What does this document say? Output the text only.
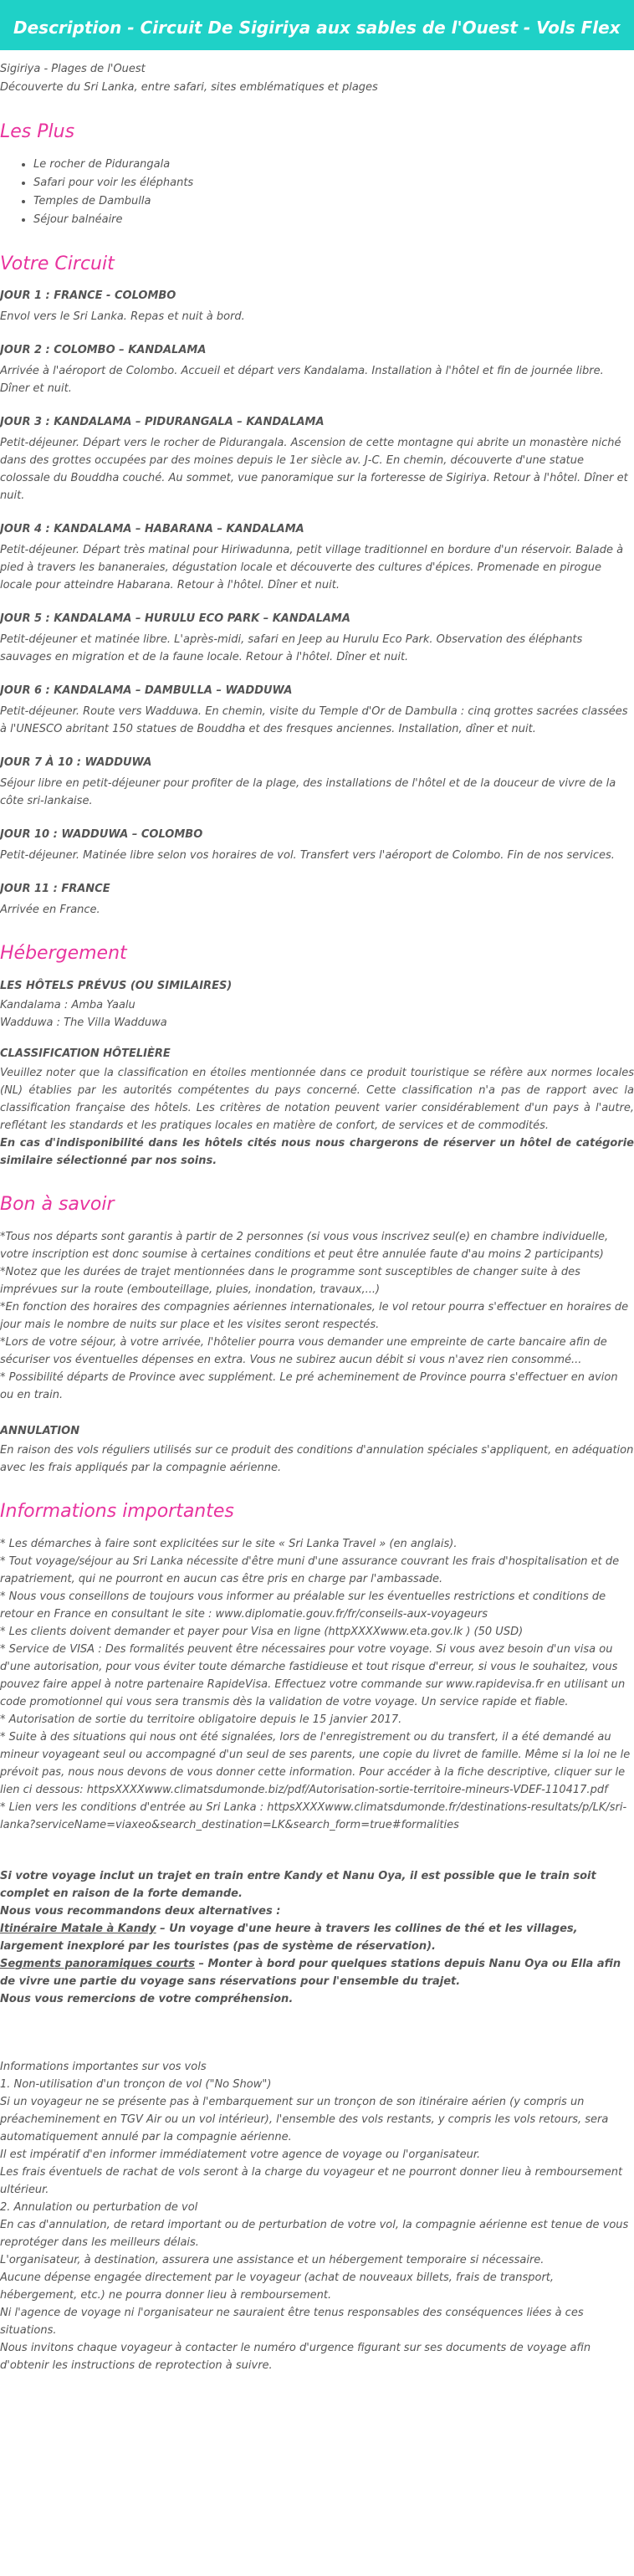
Description - Circuit De Sigiriya aux sables de l'Ouest - Vols Flex

Sigiriya - Plages de l'Ouest
Découverte du Sri Lanka, entre safari, sites emblématiques et plages

Les Plus
• Le rocher de Pidurangala
• Safari pour voir les éléphants
• Temples de Dambulla
• Séjour balnéaire
Votre Circuit
JOUR 1 : FRANCE - COLOMBO

Envol vers le Sri Lanka. Repas et nuit à bord.

JOUR 2 : COLOMBO – KANDALAMA

Arrivée à l'aéroport de Colombo. Accueil et départ vers Kandalama. Installation à l'hôtel et fin de journée libre. Dîner et nuit.

JOUR 3 : KANDALAMA – PIDURANGALA – KANDALAMA

Petit-déjeuner. Départ vers le rocher de Pidurangala. Ascension de cette montagne qui abrite un monastère niché dans des grottes occupées par des moines depuis le 1er siècle av. J-C. En chemin, découverte d'une statue colossale du Bouddha couché. Au sommet, vue panoramique sur la forteresse de Sigiriya. Retour à l'hôtel. Dîner et nuit.

JOUR 4 : KANDALAMA – HABARANA – KANDALAMA

Petit-déjeuner. Départ très matinal pour Hiriwadunna, petit village traditionnel en bordure d'un réservoir. Balade à pied à travers les bananeraies, dégustation locale et découverte des cultures d'épices. Promenade en pirogue locale pour atteindre Habarana. Retour à l'hôtel. Dîner et nuit.

JOUR 5 : KANDALAMA – HURULU ECO PARK – KANDALAMA

Petit-déjeuner et matinée libre. L'après-midi, safari en Jeep au Hurulu Eco Park. Observation des éléphants sauvages en migration et de la faune locale. Retour à l'hôtel. Dîner et nuit.

JOUR 6 : KANDALAMA – DAMBULLA – WADDUWA

Petit-déjeuner. Route vers Wadduwa. En chemin, visite du Temple d'Or de Dambulla : cinq grottes sacrées classées à l'UNESCO abritant 150 statues de Bouddha et des fresques anciennes. Installation, dîner et nuit.

JOUR 7 À 10 : WADDUWA

Séjour libre en petit-déjeuner pour profiter de la plage, des installations de l'hôtel et de la douceur de vivre de la côte sri-lankaise.

JOUR 10 : WADDUWA – COLOMBO

Petit-déjeuner. Matinée libre selon vos horaires de vol. Transfert vers l'aéroport de Colombo. Fin de nos services.

JOUR 11 : FRANCE

Arrivée en France.

Hébergement
LES HÔTELS PRÉVUS (OU SIMILAIRES)

Kandalama : Amba Yaalu

Wadduwa : The Villa Wadduwa

CLASSIFICATION HÔTELIÈRE

Veuillez noter que la classification en étoiles mentionnée dans ce produit touristique se réfère aux normes locales (NL) établies par les autorités compétentes du pays concerné. Cette classification n'a pas de rapport avec la classification française des hôtels. Les critères de notation peuvent varier considérablement d'un pays à l'autre, reflétant les standards et les pratiques locales en matière de confort, de services et de commodités.

En cas d'indisponibilité dans les hôtels cités nous nous chargerons de réserver un hôtel de catégorie similaire sélectionné par nos soins.

Bon à savoir

*Tous nos départs sont garantis à partir de 2 personnes (si vous vous inscrivez seul(e) en chambre individuelle, votre inscription est donc soumise à certaines conditions et peut être annulée faute d'au moins 2 participants)

*Notez que les durées de trajet mentionnées dans le programme sont susceptibles de changer suite à des imprévues sur la route (embouteillage, pluies, inondation, travaux,...)

*En fonction des horaires des compagnies aériennes internationales, le vol retour pourra s'effectuer en horaires de jour mais le nombre de nuits sur place et les visites seront respectés.

*Lors de votre séjour, à votre arrivée, l'hôtelier pourra vous demander une empreinte de carte bancaire afin de sécuriser vos éventuelles dépenses en extra. Vous ne subirez aucun débit si vous n'avez rien consommé...

* Possibilité départs de Province avec supplément. Le pré acheminement de Province pourra s'effectuer en avion ou en train.

ANNULATION

En raison des vols réguliers utilisés sur ce produit des conditions d'annulation spéciales s'appliquent, en adéquation avec les frais appliqués par la compagnie aérienne.

Informations importantes

* Les démarches à faire sont explicitées sur le site « Sri Lanka Travel » (en anglais).

* Tout voyage/séjour au Sri Lanka nécessite d'être muni d'une assurance couvrant les frais d'hospitalisation et de rapatriement, qui ne pourront en aucun cas être pris en charge par l'ambassade.

* Nous vous conseillons de toujours vous informer au préalable sur les éventuelles restrictions et conditions de retour en France en consultant le site : www.diplomatie.gouv.fr/fr/conseils-aux-voyageurs

* Les clients doivent demander et payer pour Visa en ligne (httpXXXXwww.eta.gov.lk ) (50 USD)

* Service de VISA : Des formalités peuvent être nécessaires pour votre voyage. Si vous avez besoin d'un visa ou d'une autorisation, pour vous éviter toute démarche fastidieuse et tout risque d'erreur, si vous le souhaitez, vous pouvez faire appel à notre partenaire RapideVisa. Effectuez votre commande sur www.rapidevisa.fr en utilisant un code promotionnel qui vous sera transmis dès la validation de votre voyage. Un service rapide et fiable.

* Autorisation de sortie du territoire obligatoire depuis le 15 janvier 2017.

* Suite à des situations qui nous ont été signalées, lors de l'enregistrement ou du transfert, il a été demandé au mineur voyageant seul ou accompagné d'un seul de ses parents, une copie du livret de famille. Même si la loi ne le prévoit pas, nous nous devons de vous donner cette information. Pour accéder à la fiche descriptive, cliquer sur le lien ci dessous: httpsXXXXwww.climatsdumonde.biz/pdf/Autorisation-sortie-territoire-mineurs-VDEF-110417.pdf

* Lien vers les conditions d'entrée au Sri Lanka : httpsXXXXwww.climatsdumonde.fr/destinations-resultats/p/LK/sri-lanka?serviceName=viaxeo&search_destination=LK&search_form=true#formalities

Si votre voyage inclut un trajet en train entre Kandy et Nanu Oya, il est possible que le train soit complet en raison de la forte demande.

Nous vous recommandons deux alternatives :

Itinéraire Matale à Kandy – Un voyage d'une heure à travers les collines de thé et les villages, largement inexploré par les touristes (pas de système de réservation).

Segments panoramiques courts – Monter à bord pour quelques stations depuis Nanu Oya ou Ella afin de vivre une partie du voyage sans réservations pour l'ensemble du trajet.

Nous vous remercions de votre compréhension.

Informations importantes sur vos vols

1. Non-utilisation d'un tronçon de vol ("No Show")

Si un voyageur ne se présente pas à l'embarquement sur un tronçon de son itinéraire aérien (y compris un préacheminement en TGV Air ou un vol intérieur), l'ensemble des vols restants, y compris les vols retours, sera automatiquement annulé par la compagnie aérienne.

Il est impératif d'en informer immédiatement votre agence de voyage ou l'organisateur.

Les frais éventuels de rachat de vols seront à la charge du voyageur et ne pourront donner lieu à remboursement ultérieur.

2. Annulation ou perturbation de vol

En cas d'annulation, de retard important ou de perturbation de votre vol, la compagnie aérienne est tenue de vous reprotéger dans les meilleurs délais.

L'organisateur, à destination, assurera une assistance et un hébergement temporaire si nécessaire.

Aucune dépense engagée directement par le voyageur (achat de nouveaux billets, frais de transport, hébergement, etc.) ne pourra donner lieu à remboursement.

Ni l'agence de voyage ni l'organisateur ne sauraient être tenus responsables des conséquences liées à ces situations.

Nous invitons chaque voyageur à contacter le numéro d'urgence figurant sur ses documents de voyage afin d'obtenir les instructions de reprotection à suivre.
